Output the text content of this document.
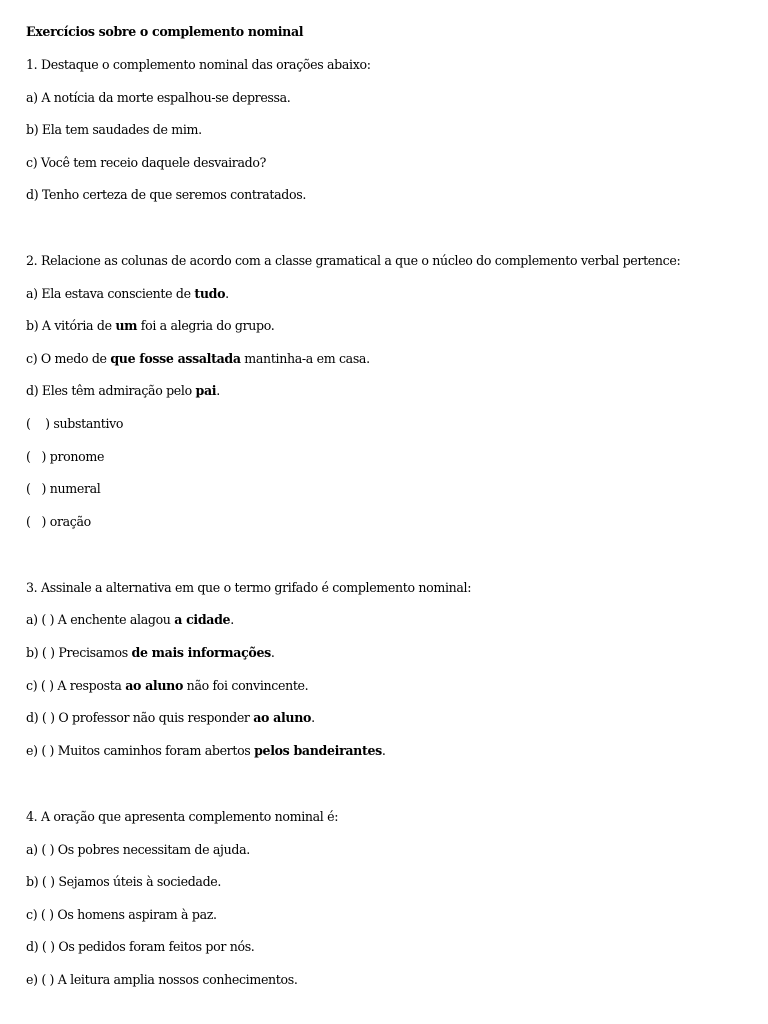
Exercícios sobre o complemento nominal
1. Destaque o complemento nominal das orações abaixo:
a) A notícia da morte espalhou-se depressa.
b) Ela tem saudades de mim.
c) Você tem receio daquele desvairado?
d) Tenho certeza de que seremos contratados.
2. Relacione as colunas de acordo com a classe gramatical a que o núcleo do complemento verbal pertence:
a) Ela estava consciente de tudo.
b) A vitória de um foi a alegria do grupo.
c) O medo de que fosse assaltada mantinha-a em casa.
d) Eles têm admiração pelo pai.
(    ) substantivo
(   ) pronome
(   ) numeral
(   ) oração
3. Assinale a alternativa em que o termo grifado é complemento nominal:
a) ( ) A enchente alagou a cidade.
b) ( ) Precisamos de mais informações.
c) ( ) A resposta ao aluno não foi convincente.
d) ( ) O professor não quis responder ao aluno.
e) ( ) Muitos caminhos foram abertos pelos bandeirantes.
4. A oração que apresenta complemento nominal é:
a) ( ) Os pobres necessitam de ajuda.
b) ( ) Sejamos úteis à sociedade.
c) ( ) Os homens aspiram à paz.
d) ( ) Os pedidos foram feitos por nós.
e) ( ) A leitura amplia nossos conhecimentos.
